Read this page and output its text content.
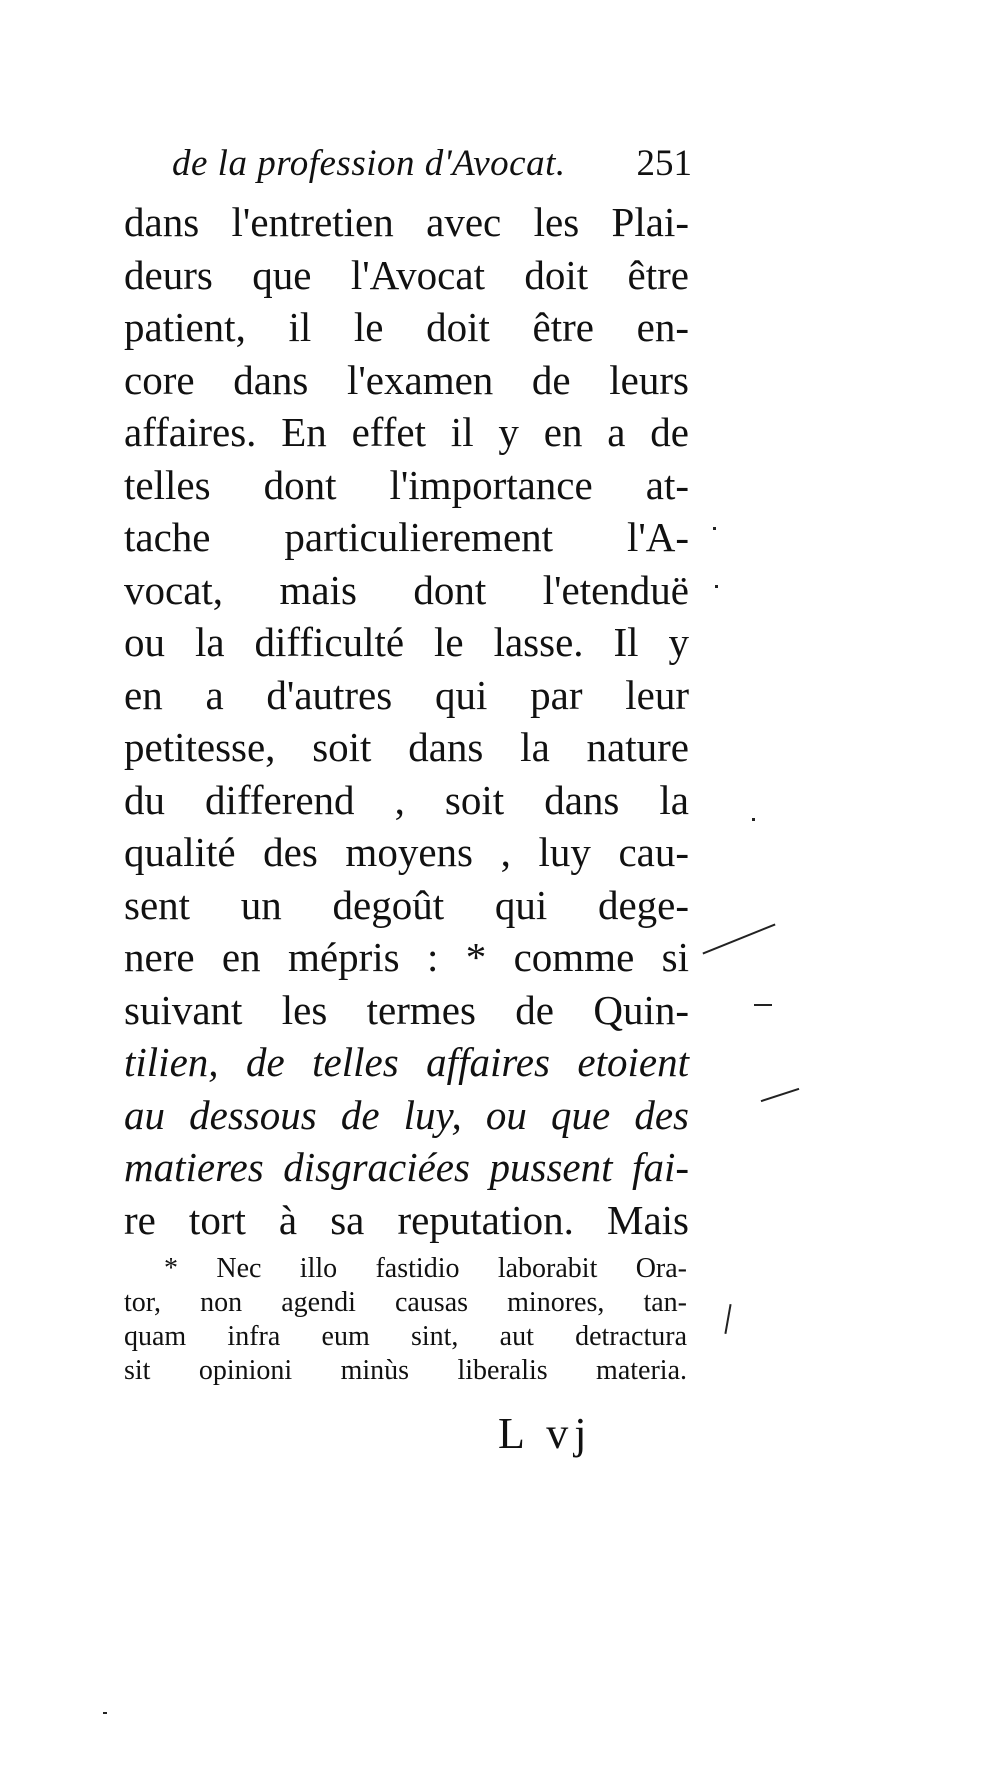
de la profession d'Avocat. 251
dans l'entretien avec les Plai-
deurs que l'Avocat doit être
patient, il le doit être en-
core dans l'examen de leurs
affaires. En effet il y en a de
telles dont l'importance at-
tache particulierement l'A-
vocat, mais dont l'etenduë
ou la difficulté le lasse. Il y
en a d'autres qui par leur
petitesse, soit dans la nature
du differend , soit dans la
qualité des moyens , luy cau-
sent un degoût qui dege-
nere en mépris : * comme si
suivant les termes de Quin-
tilien, de telles affaires etoient
au dessous de luy, ou que des
matieres disgraciées pussent fai-
re tort à sa reputation. Mais
* Nec illo fastidio laborabit Ora-
tor, non agendi causas minores, tan-
quam infra eum sint, aut detractura
sit opinioni minùs liberalis materia.
L vj
